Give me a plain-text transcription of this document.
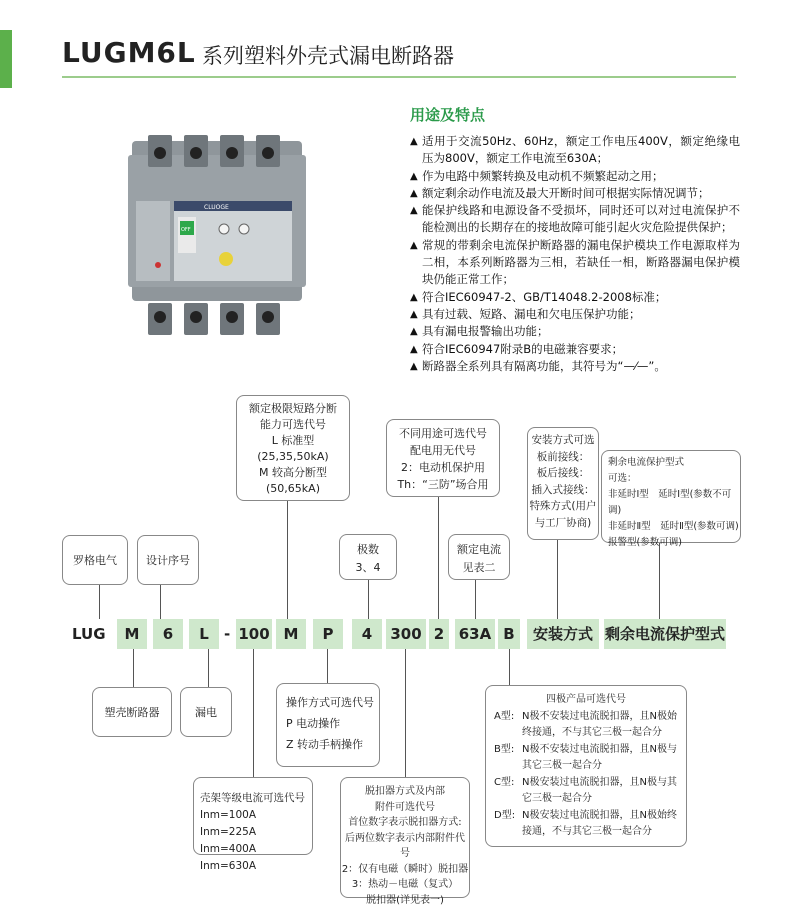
LUGM6L 系列塑料外壳式漏电断路器
CLUOGE
OFF
用途及特点
▲ 适用于交流50Hz、60Hz，额定工作电压400V，额定绝缘电压为800V，额定工作电流至630A；
▲ 作为电路中频繁转换及电动机不频繁起动之用；
▲ 额定剩余动作电流及最大开断时间可根据实际情况调节；
▲ 能保护线路和电源设备不受损坏，同时还可以对过电流保护不能检测出的长期存在的接地故障可能引起火灾危险提供保护；
▲ 常规的带剩余电流保护断路器的漏电保护模块工作电源取样为二相，本系列断路器为三相，若缺任一相，断路器漏电保护模块仍能正常工作；
▲ 符合IEC60947-2、GB/T14048.2-2008标准；
▲ 具有过载、短路、漏电和欠电压保护功能；
▲ 具有漏电报警输出功能；
▲ 符合IEC60947附录B的电磁兼容要求；
▲ 断路器全系列具有隔离功能，其符号为“—⁄—”。
额定极限短路分断
能力可选代号
L 标准型
(25,35,50kA)
M 较高分断型
(50,65kA)
不同用途可选代号
配电用无代号
2：电动机保护用
Th：“三防”场合用
安装方式可选
板前接线：
板后接线：
插入式接线：
特殊方式(用户
与工厂协商)
剩余电流保护型式
可选：
非延时Ⅰ型　延时Ⅰ型(参数不可调)
非延时Ⅱ型　延时Ⅱ型(参数可调)
报警型(参数可调)
罗格电气	设计序号
极数
3、4
额定电流
见表二
LUG	M	6	L	- 100 M	P	4	300 2 63A B	安装方式 剩余电流保护型式
塑壳断路器	漏电
操作方式可选代号
P 电动操作
Z 转动手柄操作
壳架等级电流可选代号
Inm=100A Inm=225A
Inm=400A Inm=630A
脱扣器方式及内部
附件可选代号
首位数字表示脱扣器方式:
后两位数字表示内部附件代号
2：仅有电磁（瞬时）脱扣器
3：热动－电磁（复式）
脱扣器(详见表一)
四极产品可选代号
A型: N极不安装过电流脱扣器，且N极始终接通，不与其它三极一起合分
B型: N极不安装过电流脱扣器，且N极与其它三极一起合分
C型: N极安装过电流脱扣器，且N极与其它三极一起合分
D型: N极安装过电流脱扣器，且N极始终接通，不与其它三极一起合分
